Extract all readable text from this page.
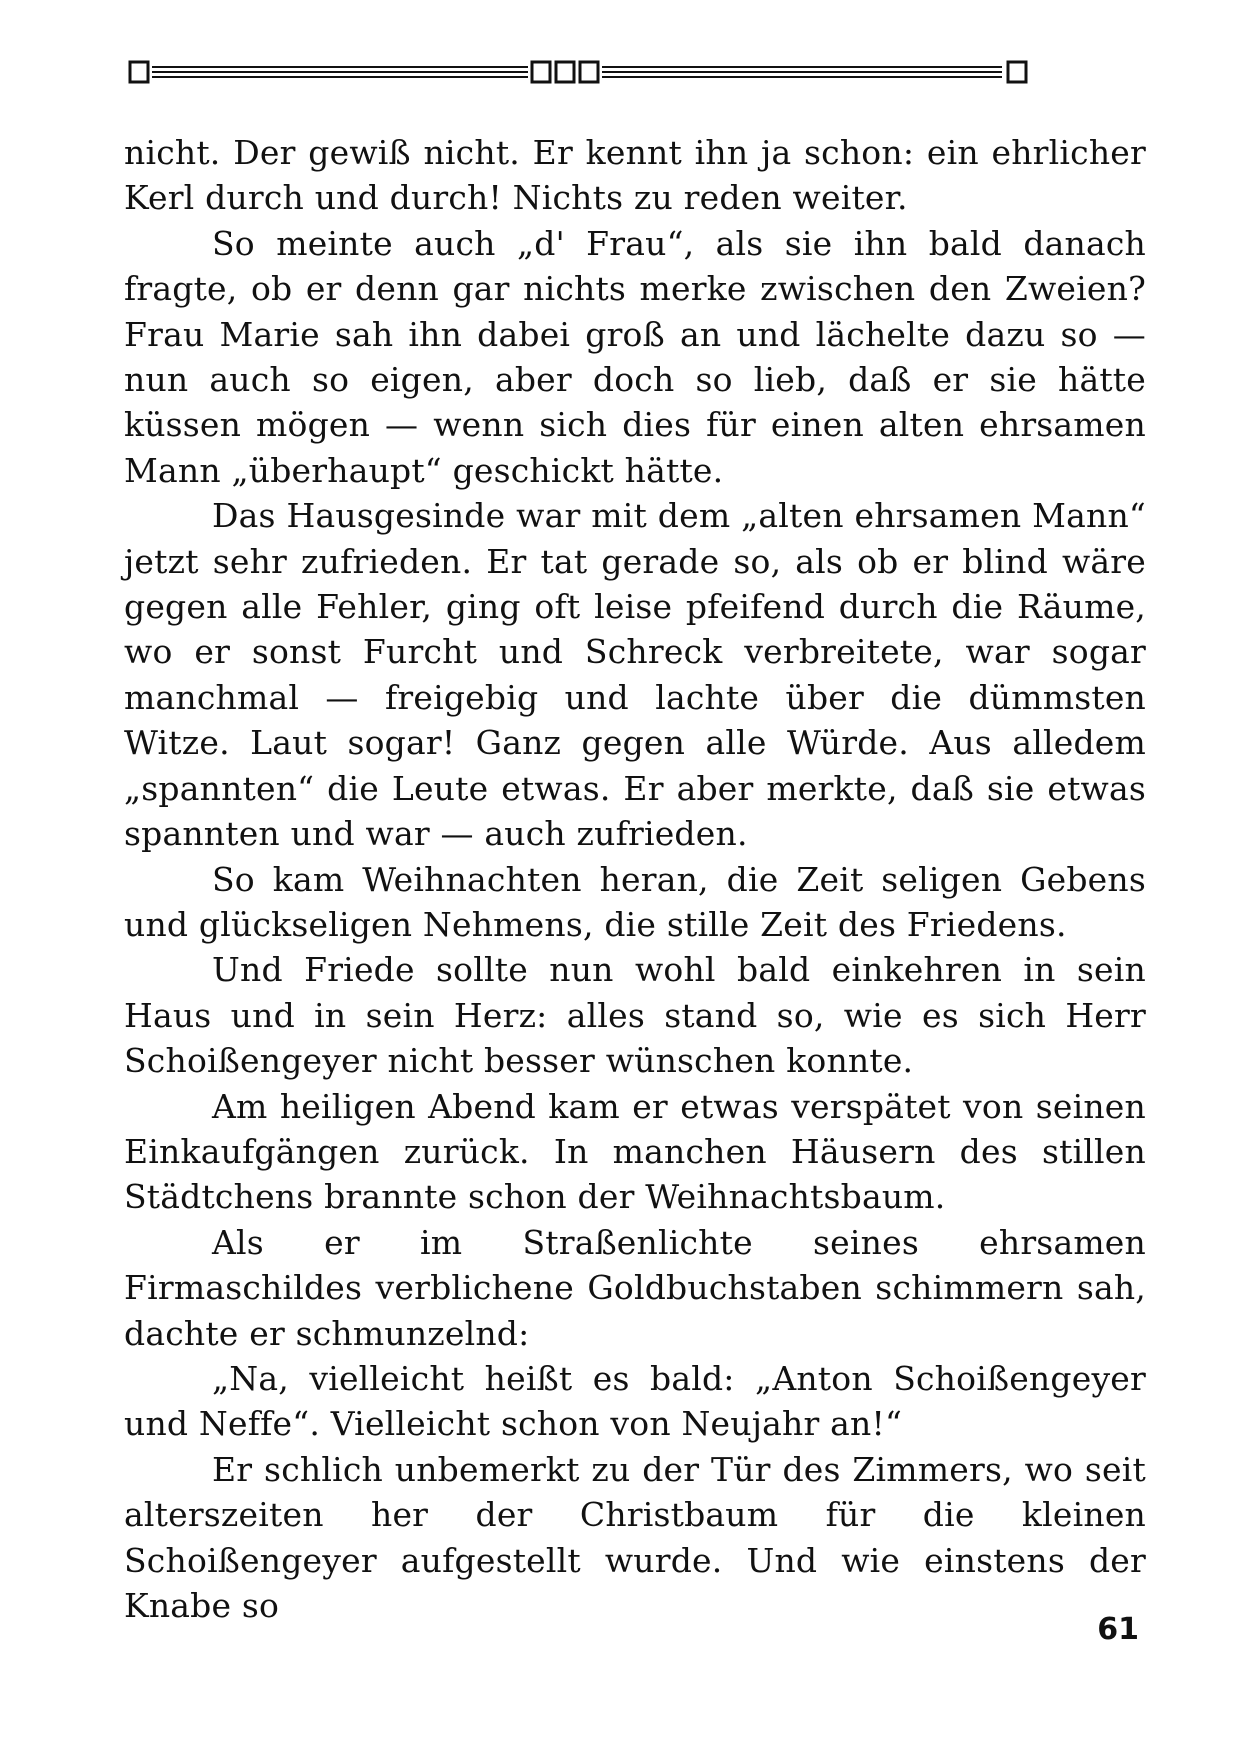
nicht. Der gewiß nicht. Er kennt ihn ja schon: ein ehrlicher Kerl durch und durch! Nichts zu reden weiter.

So meinte auch „d' Frau“, als sie ihn bald danach fragte, ob er denn gar nichts merke zwischen den Zweien? Frau Marie sah ihn dabei groß an und lächelte dazu so — nun auch so eigen, aber doch so lieb, daß er sie hätte küssen mögen — wenn sich dies für einen alten ehrsamen Mann „überhaupt“ geschickt hätte.

Das Hausgesinde war mit dem „alten ehrsamen Mann“ jetzt sehr zufrieden. Er tat gerade so, als ob er blind wäre gegen alle Fehler, ging oft leise pfeifend durch die Räume, wo er sonst Furcht und Schreck verbreitete, war sogar manchmal — freigebig und lachte über die dümmsten Witze. Laut sogar! Ganz gegen alle Würde. Aus alledem „spannten“ die Leute etwas. Er aber merkte, daß sie etwas spannten und war — auch zufrieden.

So kam Weihnachten heran, die Zeit seligen Gebens und glückseligen Nehmens, die stille Zeit des Friedens.

Und Friede sollte nun wohl bald einkehren in sein Haus und in sein Herz: alles stand so, wie es sich Herr Schoißengeyer nicht besser wünschen konnte.

Am heiligen Abend kam er etwas verspätet von seinen Einkaufgängen zurück. In manchen Häusern des stillen Städtchens brannte schon der Weihnachtsbaum.

Als er im Straßenlichte seines ehrsamen Firmaschildes verblichene Goldbuchstaben schimmern sah, dachte er schmunzelnd:

„Na, vielleicht heißt es bald: „Anton Schoißengeyer und Neffe“. Vielleicht schon von Neujahr an!“

Er schlich unbemerkt zu der Tür des Zimmers, wo seit alterszeiten her der Christbaum für die kleinen Schoißengeyer aufgestellt wurde. Und wie einstens der Knabe so

61
